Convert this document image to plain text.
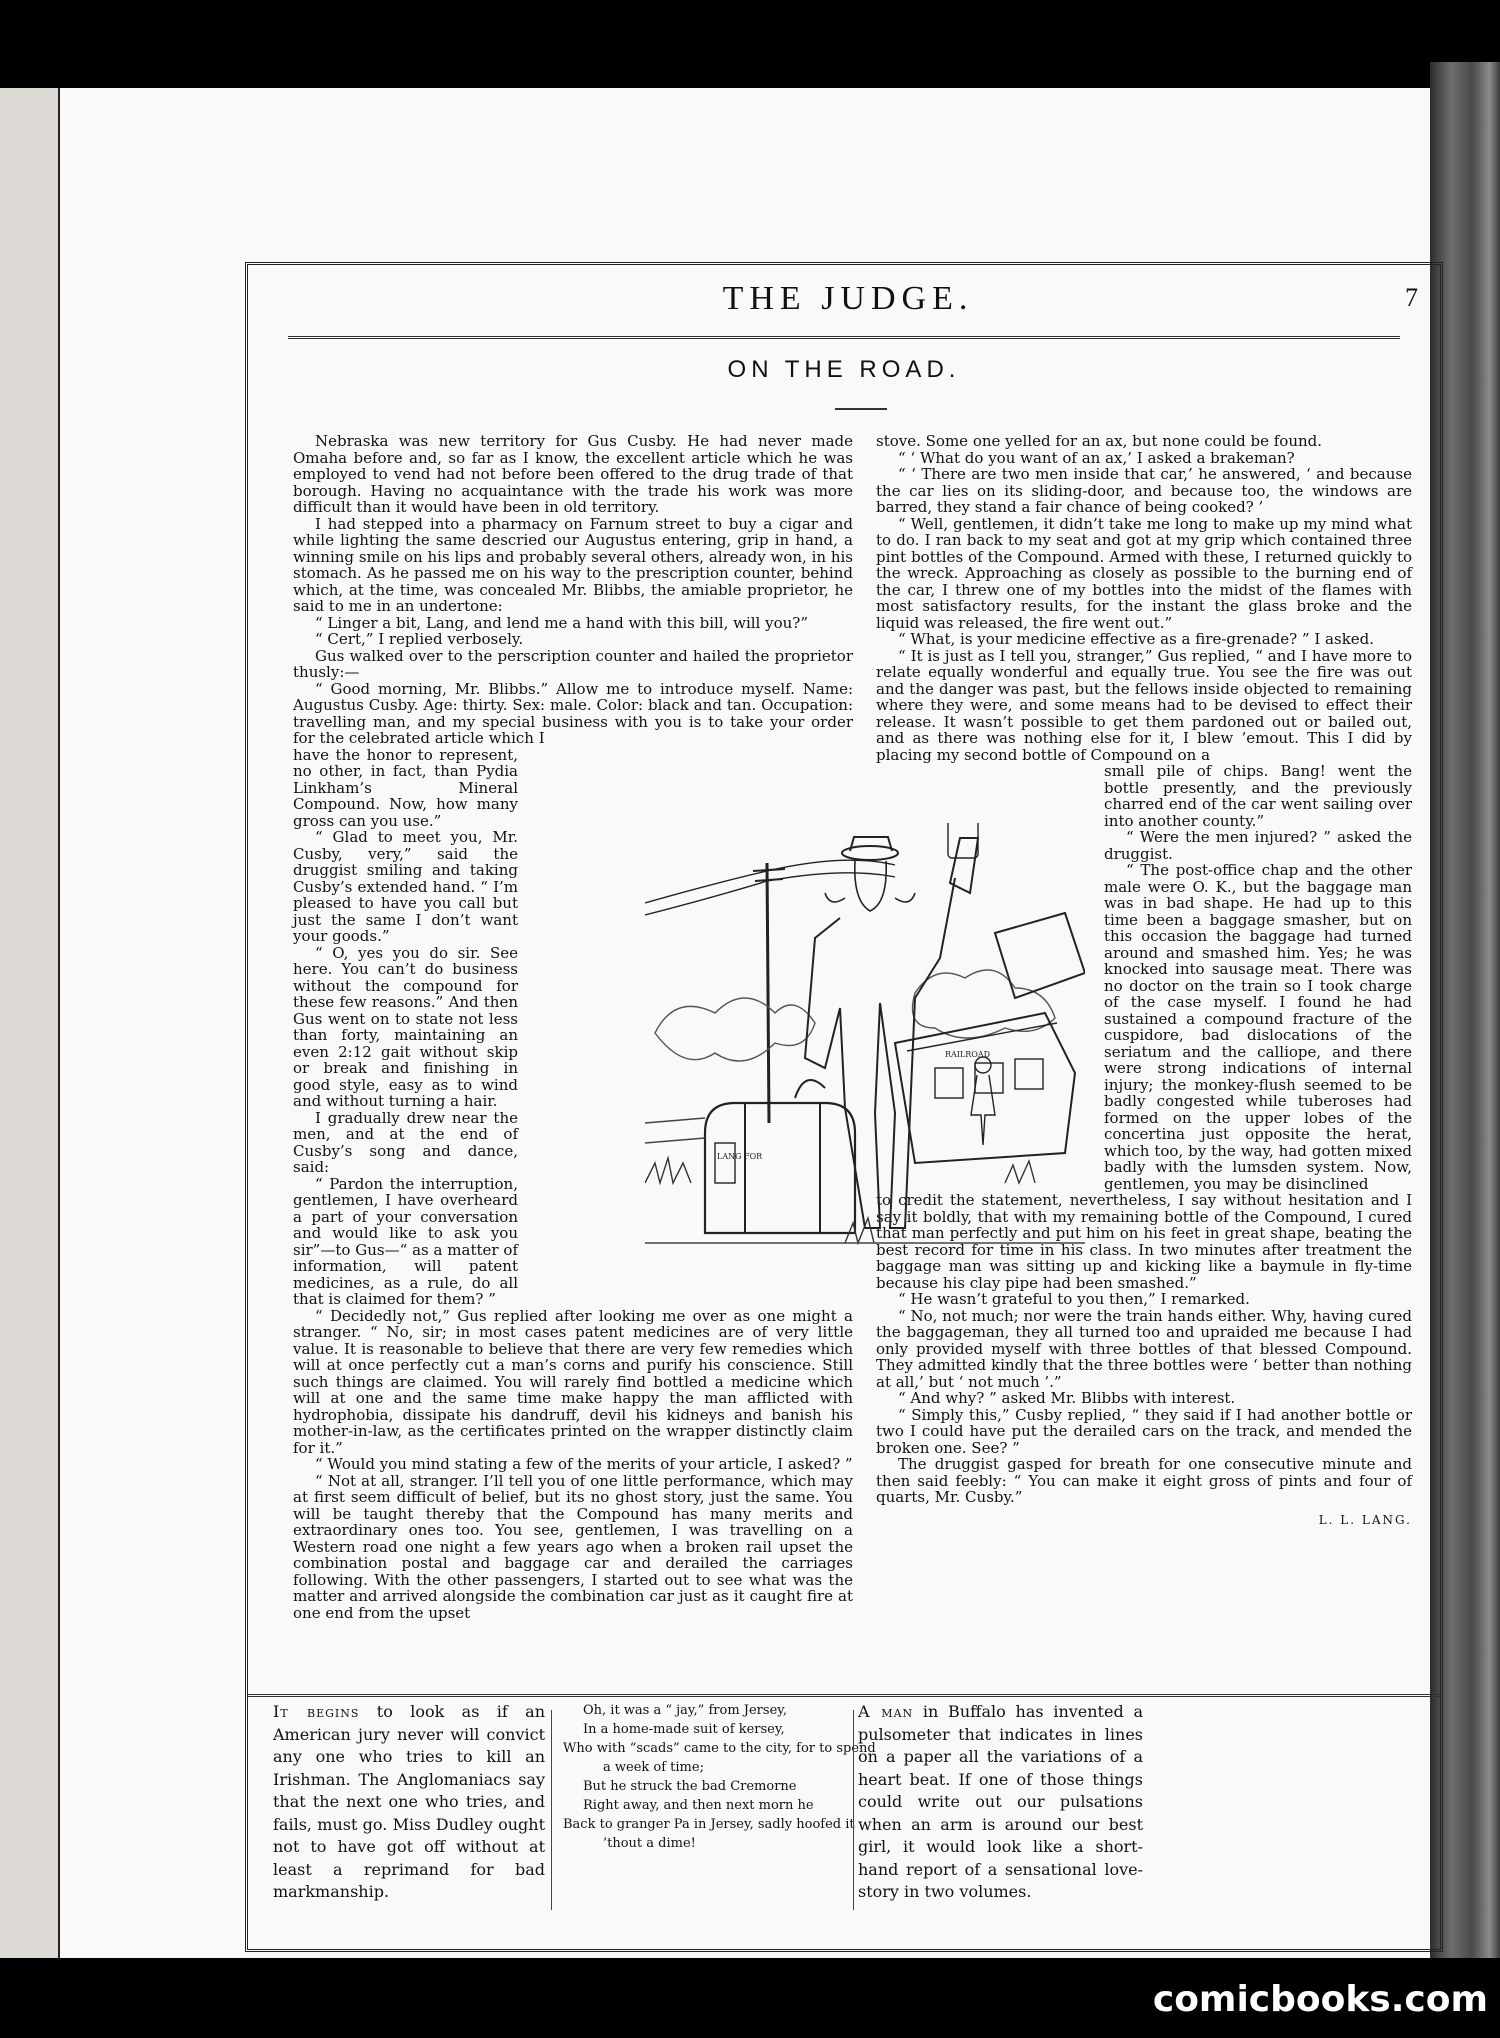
THE JUDGE.	7
ON THE ROAD.

Nebraska was new territory for Gus Cusby. He had never made Omaha before and, so far as I know, the excellent article which he was employed to vend had not before been offered to the drug trade of that borough. Having no acquaintance with the trade his work was more difficult than it would have been in old territory.

I had stepped into a pharmacy on Farnum street to buy a cigar and while lighting the same descried our Augustus entering, grip in hand, a winning smile on his lips and probably several others, already won, in his stomach. As he passed me on his way to the prescription counter, behind which, at the time, was concealed Mr. Blibbs, the amiable proprietor, he said to me in an undertone:

“ Linger a bit, Lang, and lend me a hand with this bill, will you?”

“ Cert,” I replied verbosely.

Gus walked over to the perscription counter and hailed the proprietor thusly:—

“ Good morning, Mr. Blibbs.” Allow me to introduce myself. Name: Augustus Cusby. Age: thirty. Sex: male. Color: black and tan. Occupation: travelling man, and my special business with you is to take your order for the celebrated article which I

have the honor to represent, no other, in fact, than Pydia Linkham’s Mineral Compound. Now, how many gross can you use.”

“ Glad to meet you, Mr. Cusby, very,” said the druggist smiling and taking Cusby’s extended hand. “ I’m pleased to have you call but just the same I don’t want your goods.”

“ O, yes you do sir. See here. You can’t do business without the compound for these few reasons.” And then Gus went on to state not less than forty, maintaining an even 2:12 gait without skip or break and finishing in good style, easy as to wind and without turning a hair.

I gradually drew near the men, and at the end of Cusby’s song and dance, said:

“ Pardon the interruption, gentlemen, I have overheard a part of your conversation and would like to ask you sir”—to Gus—“ as a matter of information, will patent medicines, as a rule, do all that is claimed for them? ”

“ Decidedly not,” Gus replied after looking me over as one might a stranger. “ No, sir; in most cases patent medicines are of very little value. It is reasonable to believe that there are very few remedies which will at once perfectly cut a man’s corns and purify his conscience. Still such things are claimed. You will rarely find bottled a medicine which will at one and the same time make happy the man afflicted with hydrophobia, dissipate his dandruff, devil his kidneys and banish his mother-in-law, as the certificates printed on the wrapper distinctly claim for it.”

“ Would you mind stating a few of the merits of your article, I asked? ”

“ Not at all, stranger. I’ll tell you of one little performance, which may at first seem difficult of belief, but its no ghost story, just the same. You will be taught thereby that the Compound has many merits and extraordinary ones too. You see, gentlemen, I was travelling on a Western road one night a few years ago when a broken rail upset the combination postal and baggage car and derailed the carriages following. With the other passengers, I started out to see what was the matter and arrived alongside the combination car just as it caught fire at one end from the upset

stove. Some one yelled for an ax, but none could be found.

“ ‘ What do you want of an ax,’ I asked a brakeman?

“ ‘ There are two men inside that car,’ he answered, ‘ and because the car lies on its sliding-door, and because too, the windows are barred, they stand a fair chance of being cooked? ’

“ Well, gentlemen, it didn’t take me long to make up my mind what to do. I ran back to my seat and got at my grip which contained three pint bottles of the Compound. Armed with these, I returned quickly to the wreck. Approaching as closely as possible to the burning end of the car, I threw one of my bottles into the midst of the flames with most satisfactory results, for the instant the glass broke and the liquid was released, the fire went out.”

“ What, is your medicine effective as a fire-grenade? ” I asked.

“ It is just as I tell you, stranger,” Gus replied, “ and I have more to relate equally wonderful and equally true. You see the fire was out and the danger was past, but the fellows inside objected to remaining where they were, and some means had to be devised to effect their release. It wasn’t possible to get them pardoned out or bailed out, and as there was nothing else for it, I blew ’emout. This I did by placing my second bottle of Compound on a

small pile of chips. Bang! went the bottle presently, and the previously charred end of the car went sailing over into another county.”

“ Were the men injured? ” asked the druggist.

“ The post-office chap and the other male were O. K., but the baggage man was in bad shape. He had up to this time been a baggage smasher, but on this occasion the baggage had turned around and smashed him. Yes; he was knocked into sausage meat. There was no doctor on the train so I took charge of the case myself. I found he had sustained a compound fracture of the cuspidore, bad dislocations of the seriatum and the calliope, and there were strong indications of internal injury; the monkey-flush seemed to be badly congested while tuberoses had formed on the upper lobes of the concertina just opposite the herat, which too, by the way, had gotten mixed badly with the lumsden system. Now, gentlemen, you may be disinclined

to credit the statement, nevertheless, I say without hesitation and I say it boldly, that with my remaining bottle of the Compound, I cured that man perfectly and put him on his feet in great shape, beating the best record for time in his class. In two minutes after treatment the baggage man was sitting up and kicking like a baymule in fly-time because his clay pipe had been smashed.”

“ He wasn’t grateful to you then,” I remarked.

“ No, not much; nor were the train hands either. Why, having cured the baggageman, they all turned too and upraided me because I had only provided myself with three bottles of that blessed Compound. They admitted kindly that the three bottles were ‘ better than nothing at all,’ but ‘ not much ’.”

“ And why? ” asked Mr. Blibbs with interest.

“ Simply this,” Cusby replied, “ they said if I had another bottle or two I could have put the derailed cars on the track, and mended the broken one. See? ”

The druggist gasped for breath for one consecutive minute and then said feebly: “ You can make it eight gross of pints and four of quarts, Mr. Cusby.”

L. L. LANG.
LANG FOR
RAILROAD
It begins to look as if an American jury never will convict any one who tries to kill an Irishman. The Anglomaniacs say that the next one who tries, and fails, must go. Miss Dudley ought not to have got off without at least a reprimand for bad markmanship.
Oh, it was a “ jay,” from Jersey,
In a home-made suit of kersey,
Who with “scads” came to the city, for to spend
a week of time;
But he struck the bad Cremorne
Right away, and then next morn he
Back to granger Pa in Jersey, sadly hoofed it
’thout a dime!
A man in Buffalo has invented a pulsometer that indicates in lines on a paper all the variations of a heart beat. If one of those things could write out our pulsations when an arm is around our best girl, it would look like a short-hand report of a sensational love-story in two volumes.
comicbooks.com
